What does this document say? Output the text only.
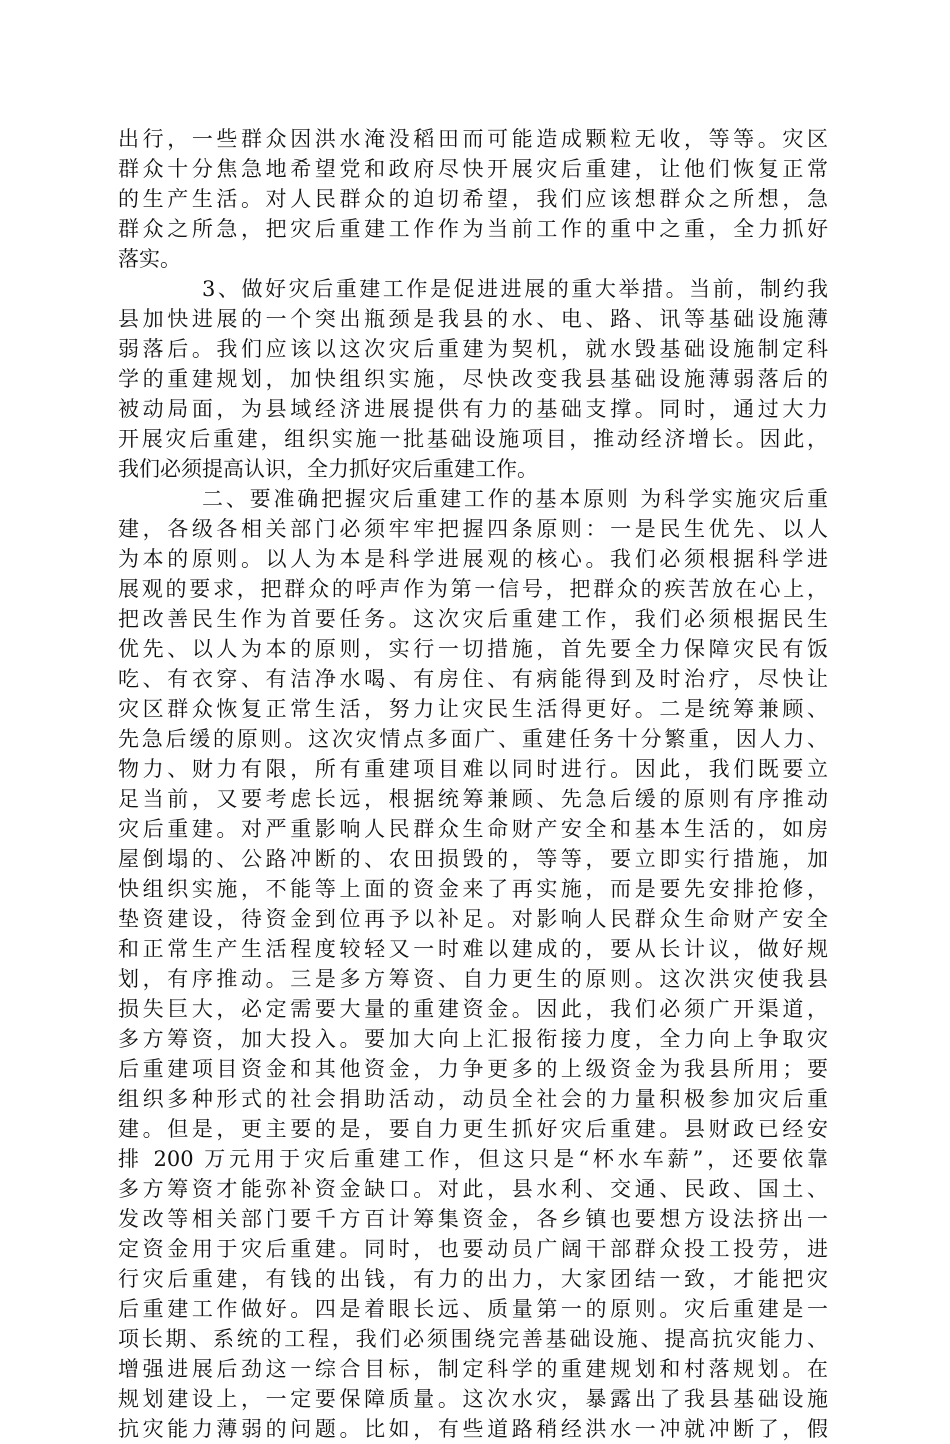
出行，一些群众因洪水淹没稻田而可能造成颗粒无收，等等。灾区
群众十分焦急地希望党和政府尽快开展灾后重建，让他们恢复正常
的生产生活。对人民群众的迫切希望，我们应该想群众之所想，急
群众之所急，把灾后重建工作作为当前工作的重中之重，全力抓好
落实。
3、做好灾后重建工作是促进进展的重大举措。当前，制约我
县加快进展的一个突出瓶颈是我县的水、电、路、讯等基础设施薄
弱落后。我们应该以这次灾后重建为契机，就水毁基础设施制定科
学的重建规划，加快组织实施，尽快改变我县基础设施薄弱落后的
被动局面，为县域经济进展提供有力的基础支撑。同时，通过大力
开展灾后重建，组织实施一批基础设施项目，推动经济增长。因此，
我们必须提高认识，全力抓好灾后重建工作。
二、要准确把握灾后重建工作的基本原则 为科学实施灾后重
建，各级各相关部门必须牢牢把握四条原则：一是民生优先、以人
为本的原则。以人为本是科学进展观的核心。我们必须根据科学进
展观的要求，把群众的呼声作为第一信号，把群众的疾苦放在心上，
把改善民生作为首要任务。这次灾后重建工作，我们必须根据民生
优先、以人为本的原则，实行一切措施，首先要全力保障灾民有饭
吃、有衣穿、有洁净水喝、有房住、有病能得到及时治疗，尽快让
灾区群众恢复正常生活，努力让灾民生活得更好。二是统筹兼顾、
先急后缓的原则。这次灾情点多面广、重建任务十分繁重，因人力、
物力、财力有限，所有重建项目难以同时进行。因此，我们既要立
足当前，又要考虑长远，根据统筹兼顾、先急后缓的原则有序推动
灾后重建。对严重影响人民群众生命财产安全和基本生活的，如房
屋倒塌的、公路冲断的、农田损毁的，等等，要立即实行措施，加
快组织实施，不能等上面的资金来了再实施，而是要先安排抢修，
垫资建设，待资金到位再予以补足。对影响人民群众生命财产安全
和正常生产生活程度较轻又一时难以建成的，要从长计议，做好规
划，有序推动。三是多方筹资、自力更生的原则。这次洪灾使我县
损失巨大，必定需要大量的重建资金。因此，我们必须广开渠道，
多方筹资，加大投入。要加大向上汇报衔接力度，全力向上争取灾
后重建项目资金和其他资金，力争更多的上级资金为我县所用；要
组织多种形式的社会捐助活动，动员全社会的力量积极参加灾后重
建。但是，更主要的是，要自力更生抓好灾后重建。县财政已经安
排 200 万元用于灾后重建工作，但这只是“杯水车薪”，还要依靠
多方筹资才能弥补资金缺口。对此，县水利、交通、民政、国土、
发改等相关部门要千方百计筹集资金，各乡镇也要想方设法挤出一
定资金用于灾后重建。同时，也要动员广阔干部群众投工投劳，进
行灾后重建，有钱的出钱，有力的出力，大家团结一致，才能把灾
后重建工作做好。四是着眼长远、质量第一的原则。灾后重建是一
项长期、系统的工程，我们必须围绕完善基础设施、提高抗灾能力、
增强进展后劲这一综合目标，制定科学的重建规划和村落规划。在
规划建设上，一定要保障质量。这次水灾，暴露出了我县基础设施
抗灾能力薄弱的问题。比如，有些道路稍经洪水一冲就冲断了，假
